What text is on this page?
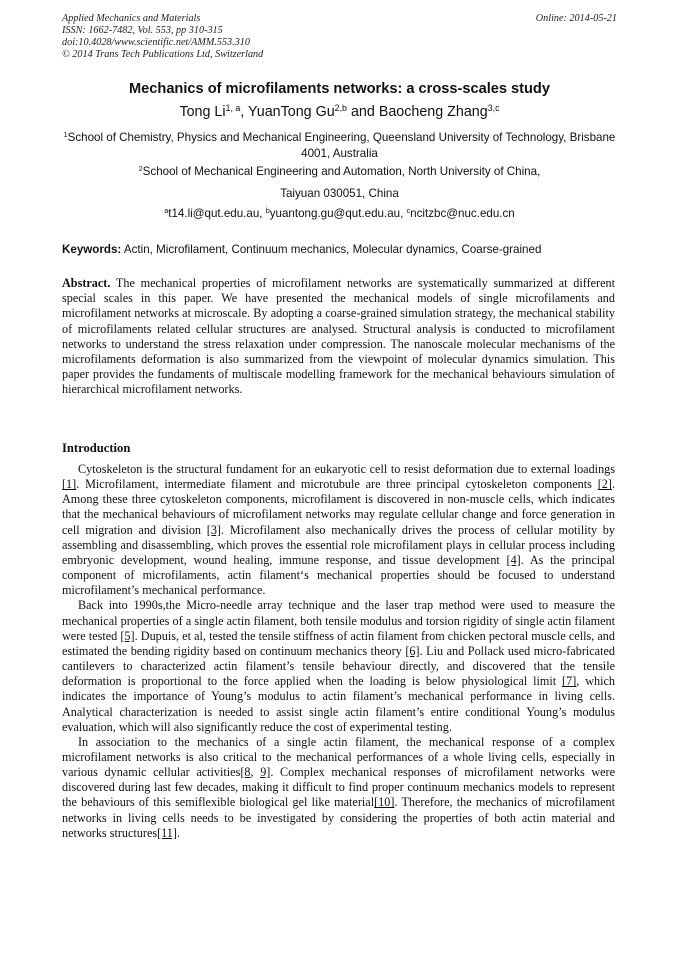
Applied Mechanics and Materials
ISSN: 1662-7482, Vol. 553, pp 310-315
doi:10.4028/www.scientific.net/AMM.553.310
© 2014 Trans Tech Publications Ltd, Switzerland
Online: 2014-05-21
Mechanics of microfilaments networks: a cross-scales study
Tong Li$^{1, a}$, YuanTong Gu$^{2,b}$ and Baocheng Zhang$^{3,c}$
$^1$School of Chemistry, Physics and Mechanical Engineering, Queensland University of Technology, Brisbane 4001, Australia
$^2$School of Mechanical Engineering and Automation, North University of China,
Taiyuan 030051, China
$^a$t14.li@qut.edu.au, $^b$yuantong.gu@qut.edu.au, $^c$ncitzbc@nuc.edu.cn
Keywords: Actin, Microfilament, Continuum mechanics, Molecular dynamics, Coarse-grained
Abstract. The mechanical properties of microfilament networks are systematically summarized at different special scales in this paper. We have presented the mechanical models of single microfilaments and microfilament networks at microscale. By adopting a coarse-grained simulation strategy, the mechanical stability of microfilaments related cellular structures are analysed. Structural analysis is conducted to microfilament networks to understand the stress relaxation under compression. The nanoscale molecular mechanisms of the microfilaments deformation is also summarized from the viewpoint of molecular dynamics simulation. This paper provides the fundaments of multiscale modelling framework for the mechanical behaviours simulation of hierarchical microfilament networks.
Introduction

Cytoskeleton is the structural fundament for an eukaryotic cell to resist deformation due to external loadings [1]. Microfilament, intermediate filament and microtubule are three principal cytoskeleton components [2]. Among these three cytoskeleton components, microfilament is discovered in non-muscle cells, which indicates that the mechanical behaviours of microfilament networks may regulate cellular change and force generation in cell migration and division [3]. Microfilament also mechanically drives the process of cellular motility by assembling and disassembling, which proves the essential role microfilament plays in cellular process including embryonic development, wound healing, immune response, and tissue development [4]. As the principal component of microfilaments, actin filament‘s mechanical properties should be focused to understand microfilament’s mechanical performance.

Back into 1990s,the Micro-needle array technique and the laser trap method were used to measure the mechanical properties of a single actin filament, both tensile modulus and torsion rigidity of single actin filament were tested [5]. Dupuis, et al, tested the tensile stiffness of actin filament from chicken pectoral muscle cells, and estimated the bending rigidity based on continuum mechanics theory [6]. Liu and Pollack used micro-fabricated cantilevers to characterized actin filament’s tensile behaviour directly, and discovered that the tensile deformation is proportional to the force applied when the loading is below physiological limit [7], which indicates the importance of Young’s modulus to actin filament’s mechanical performance in living cells. Analytical characterization is needed to assist single actin filament’s entire conditional Young’s modulus evaluation, which will also significantly reduce the cost of experimental testing.

In association to the mechanics of a single actin filament, the mechanical response of a complex microfilament networks is also critical to the mechanical performances of a whole living cells, especially in various dynamic cellular activities[8, 9]. Complex mechanical responses of microfilament networks were discovered during last few decades, making it difficult to find proper continuum mechanics models to represent the behaviours of this semiflexible biological gel like material[10]. Therefore, the mechanics of microfilament networks in living cells needs to be investigated by considering the properties of both actin material and networks structures[11].
